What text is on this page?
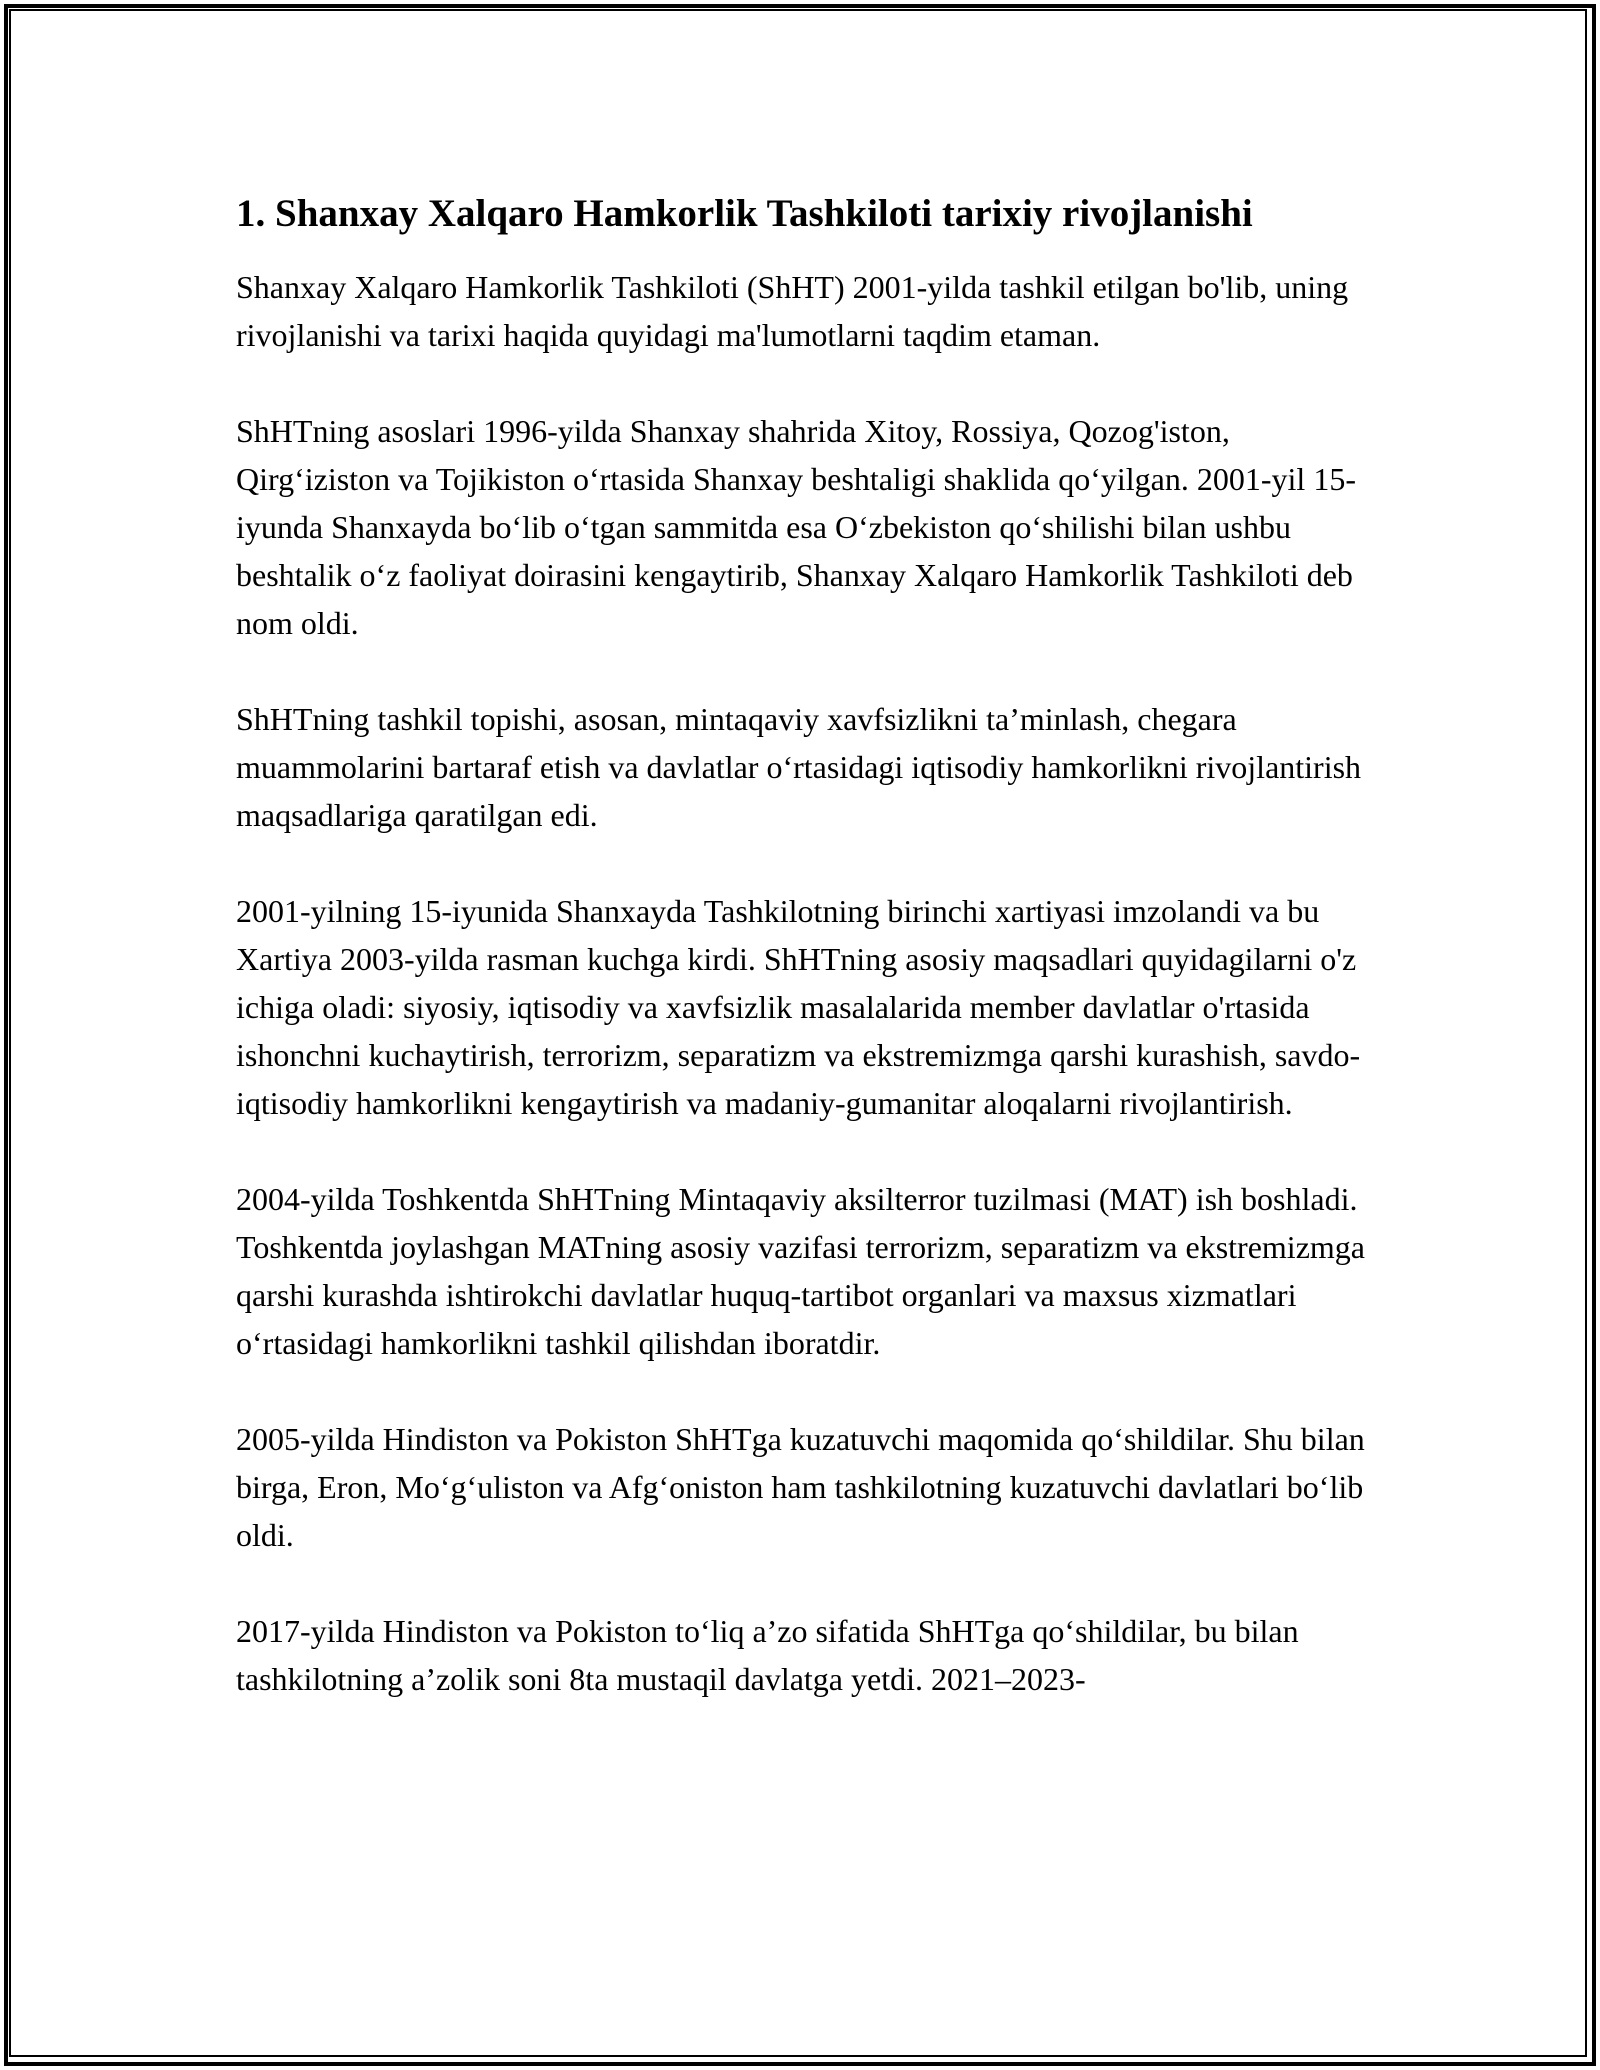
1. Shanxay Xalqaro Hamkorlik Tashkiloti tarixiy rivojlanishi

Shanxay Xalqaro Hamkorlik Tashkiloti (ShHT) 2001-yilda tashkil etilgan bo'lib, uning rivojlanishi va tarixi haqida quyidagi ma'lumotlarni taqdim etaman.

ShHTning asoslari 1996-yilda Shanxay shahrida Xitoy, Rossiya, Qozog'iston, Qirg‘iziston va Tojikiston o‘rtasida Shanxay beshtaligi shaklida qo‘yilgan. 2001-yil 15-iyunda Shanxayda bo‘lib o‘tgan sammitda esa O‘zbekiston qo‘shilishi bilan ushbu beshtalik o‘z faoliyat doirasini kengaytirib, Shanxay Xalqaro Hamkorlik Tashkiloti deb nom oldi.

ShHTning tashkil topishi, asosan, mintaqaviy xavfsizlikni ta’minlash, chegara muammolarini bartaraf etish va davlatlar o‘rtasidagi iqtisodiy hamkorlikni rivojlantirish maqsadlariga qaratilgan edi.

2001-yilning 15-iyunida Shanxayda Tashkilotning birinchi xartiyasi imzolandi va bu Xartiya 2003-yilda rasman kuchga kirdi. ShHTning asosiy maqsadlari quyidagilarni o'z ichiga oladi: siyosiy, iqtisodiy va xavfsizlik masalalarida member davlatlar o'rtasida ishonchni kuchaytirish, terrorizm, separatizm va ekstremizmga qarshi kurashish, savdo-iqtisodiy hamkorlikni kengaytirish va madaniy-gumanitar aloqalarni rivojlantirish.

2004-yilda Toshkentda ShHTning Mintaqaviy aksilterror tuzilmasi (MAT) ish boshladi. Toshkentda joylashgan MATning asosiy vazifasi terrorizm, separatizm va ekstremizmga qarshi kurashda ishtirokchi davlatlar huquq-tartibot organlari va maxsus xizmatlari o‘rtasidagi hamkorlikni tashkil qilishdan iboratdir.

2005-yilda Hindiston va Pokiston ShHTga kuzatuvchi maqomida qo‘shildilar. Shu bilan birga, Eron, Mo‘g‘uliston va Afg‘oniston ham tashkilotning kuzatuvchi davlatlari bo‘lib oldi.

2017-yilda Hindiston va Pokiston to‘liq a’zo sifatida ShHTga qo‘shildilar, bu bilan tashkilotning a’zolik soni 8ta mustaqil davlatga yetdi. 2021–2023-
